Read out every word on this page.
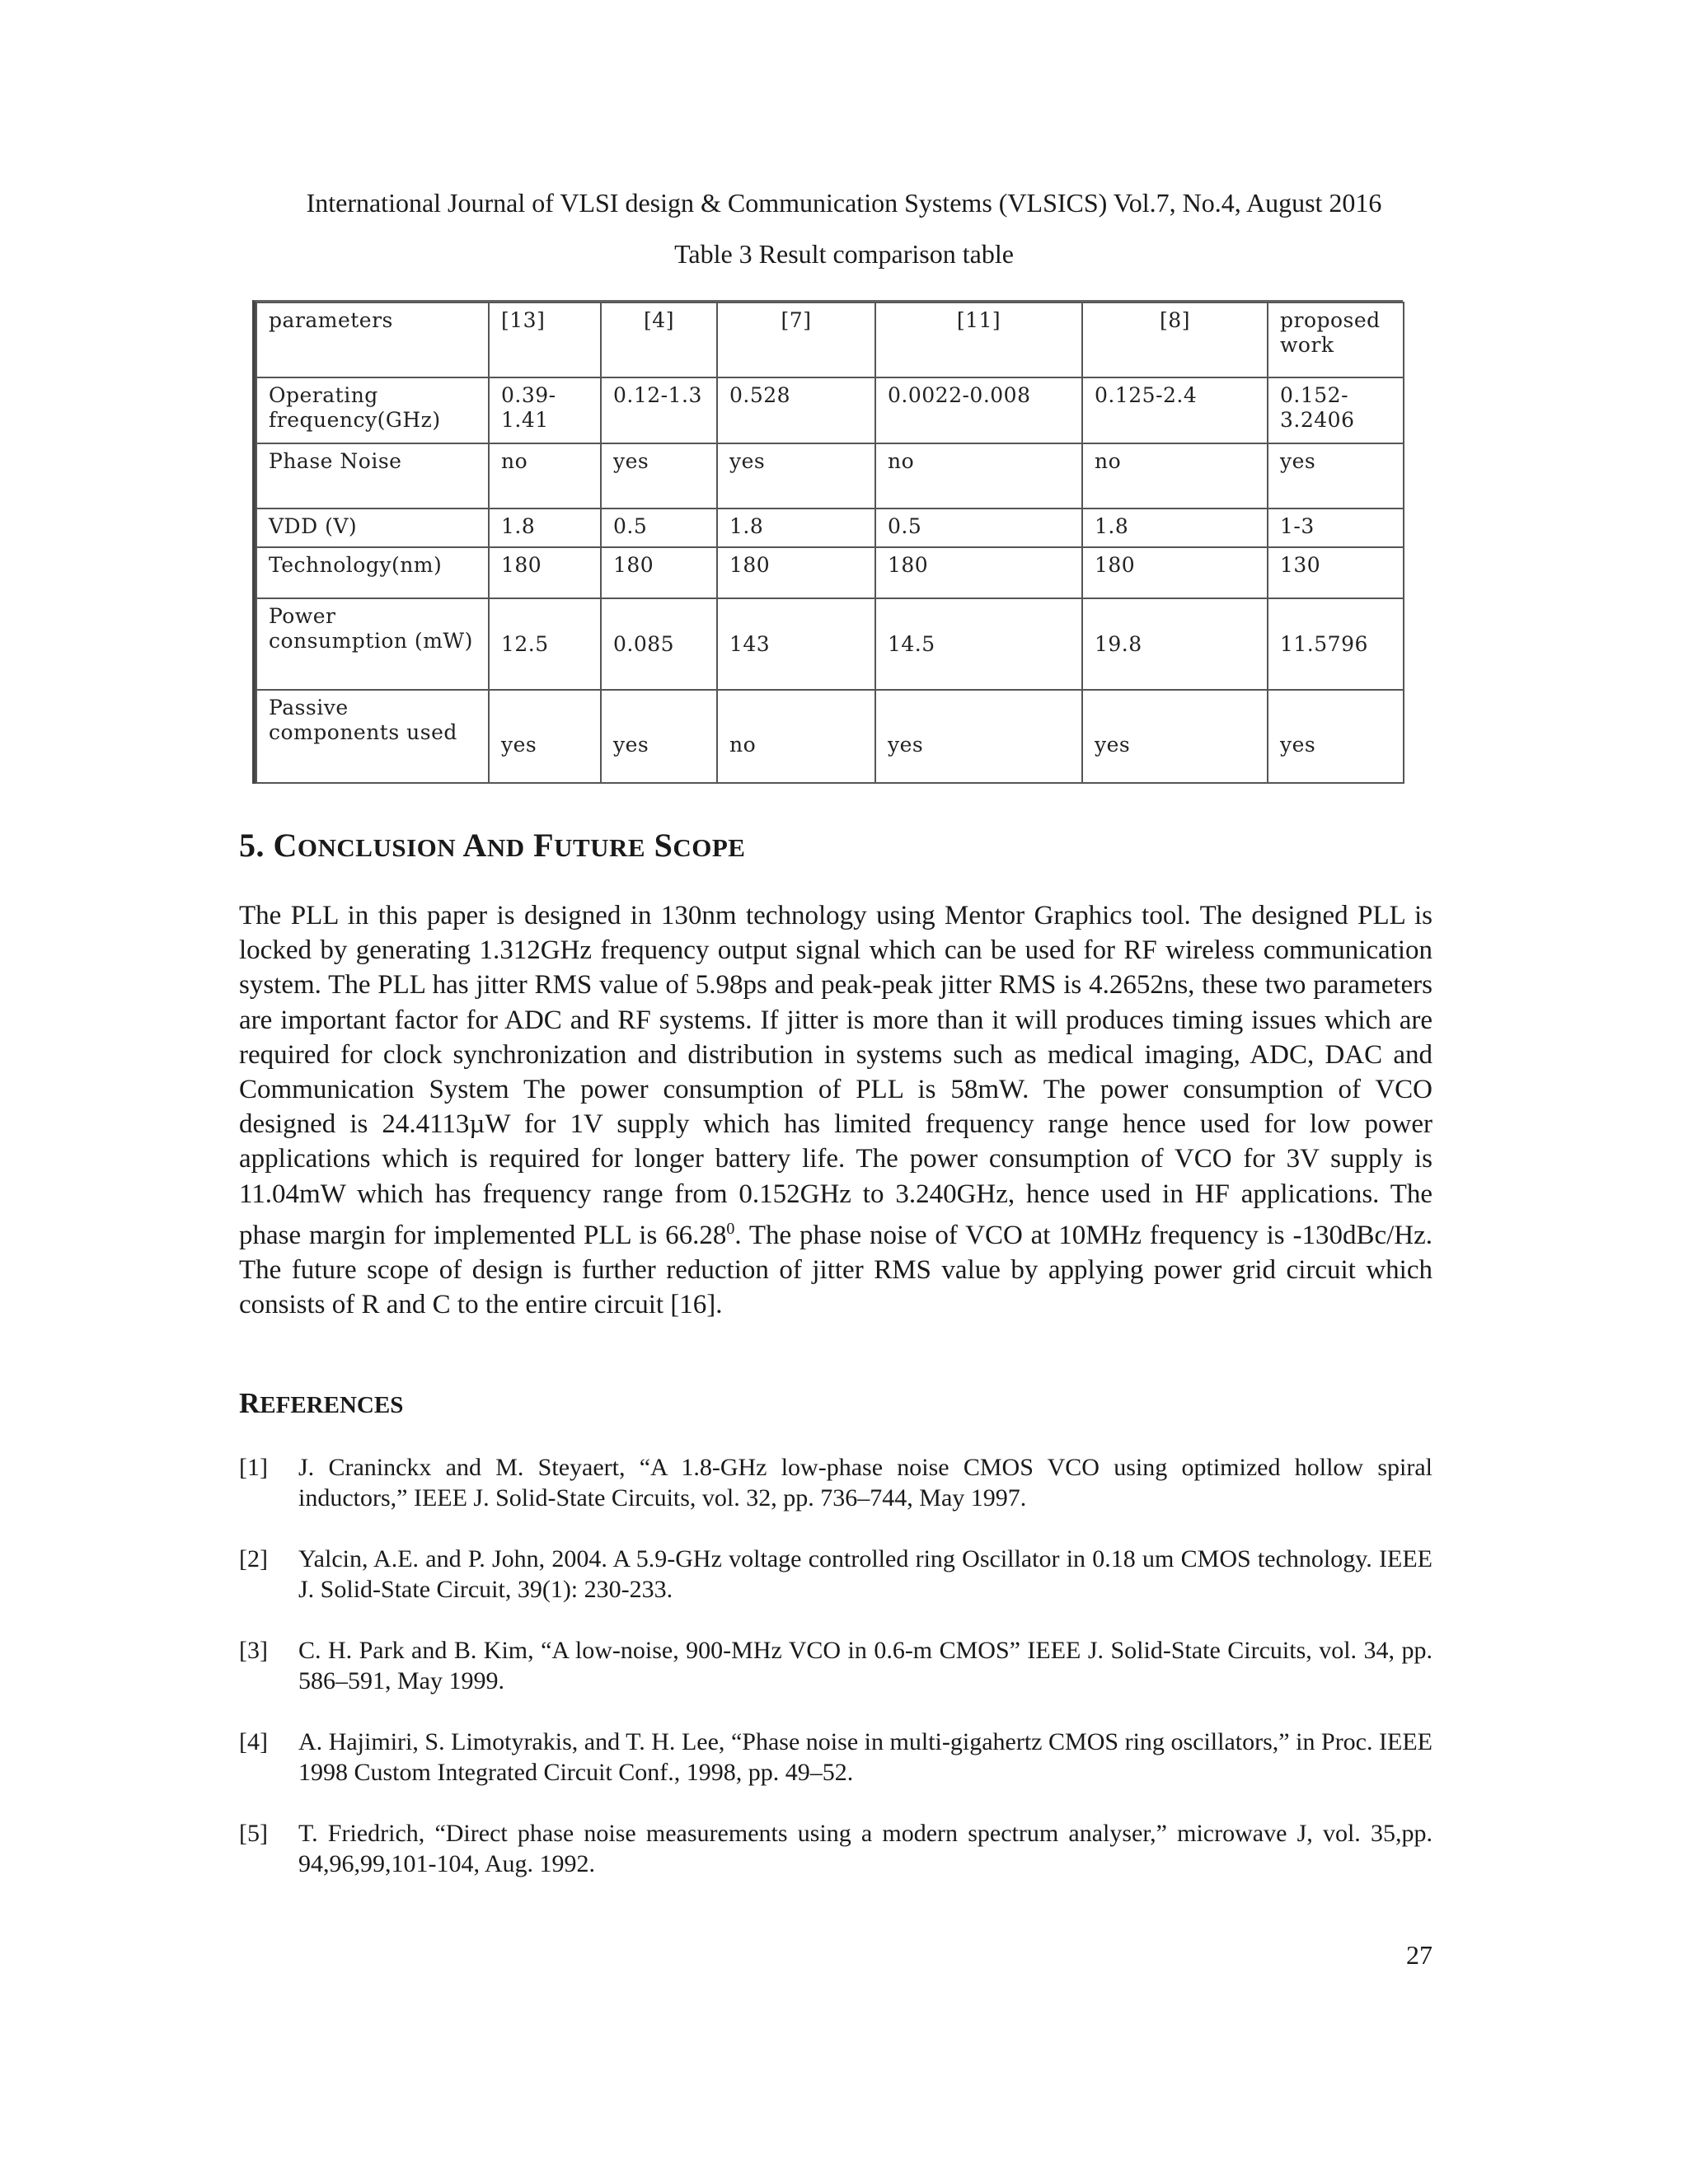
International Journal of VLSI design & Communication Systems (VLSICS) Vol.7, No.4, August 2016
Table 3 Result comparison table
parameters	[13]	[4]	[7]	[11]	[8]	proposed work
Operating frequency(GHz)	0.39-1.41	0.12-1.3	0.528	0.0022-0.008	0.125-2.4	0.152-3.2406
Phase Noise	no	yes	yes	no	no	yes
VDD (V)	1.8	0.5	1.8	0.5	1.8	1-3
Technology(nm)	180	180	180	180	180	130
Power consumption (mW)	12.5	0.085	143	14.5	19.8	11.5796
Passive components used	yes	yes	no	yes	yes	yes
5. CONCLUSION AND FUTURE SCOPE
The PLL in this paper is designed in 130nm technology using Mentor Graphics tool. The designed PLL is locked by generating 1.312GHz frequency output signal which can be used for RF wireless communication system. The PLL has jitter RMS value of 5.98ps and peak-peak jitter RMS is 4.2652ns, these two parameters are important factor for ADC and RF systems. If jitter is more than it will produces timing issues which are required for clock synchronization and distribution in systems such as medical imaging, ADC, DAC and Communication System The power consumption of PLL is 58mW. The power consumption of VCO designed is 24.4113µW for 1V supply which has limited frequency range hence used for low power applications which is required for longer battery life. The power consumption of VCO for 3V supply is 11.04mW which has frequency range from 0.152GHz to 3.240GHz, hence used in HF applications. The phase margin for implemented PLL is 66.28$^0$. The phase noise of VCO at 10MHz frequency is -130dBc/Hz. The future scope of design is further reduction of jitter RMS value by applying power grid circuit which consists of R and C to the entire circuit [16].
REFERENCES
[1] J. Craninckx and M. Steyaert, “A 1.8-GHz low-phase noise CMOS VCO using optimized hollow spiral inductors,” IEEE J. Solid-State Circuits, vol. 32, pp. 736–744, May 1997.
[2] Yalcin, A.E. and P. John, 2004. A 5.9-GHz voltage controlled ring Oscillator in 0.18 um CMOS technology. IEEE J. Solid-State Circuit, 39(1): 230-233.
[3] C. H. Park and B. Kim, “A low-noise, 900-MHz VCO in 0.6-m CMOS” IEEE J. Solid-State Circuits, vol. 34, pp. 586–591, May 1999.
[4] A. Hajimiri, S. Limotyrakis, and T. H. Lee, “Phase noise in multi-gigahertz CMOS ring oscillators,” in Proc. IEEE 1998 Custom Integrated Circuit Conf., 1998, pp. 49–52.
[5] T. Friedrich, “Direct phase noise measurements using a modern spectrum analyser,” microwave J, vol. 35,pp. 94,96,99,101-104, Aug. 1992.
27
